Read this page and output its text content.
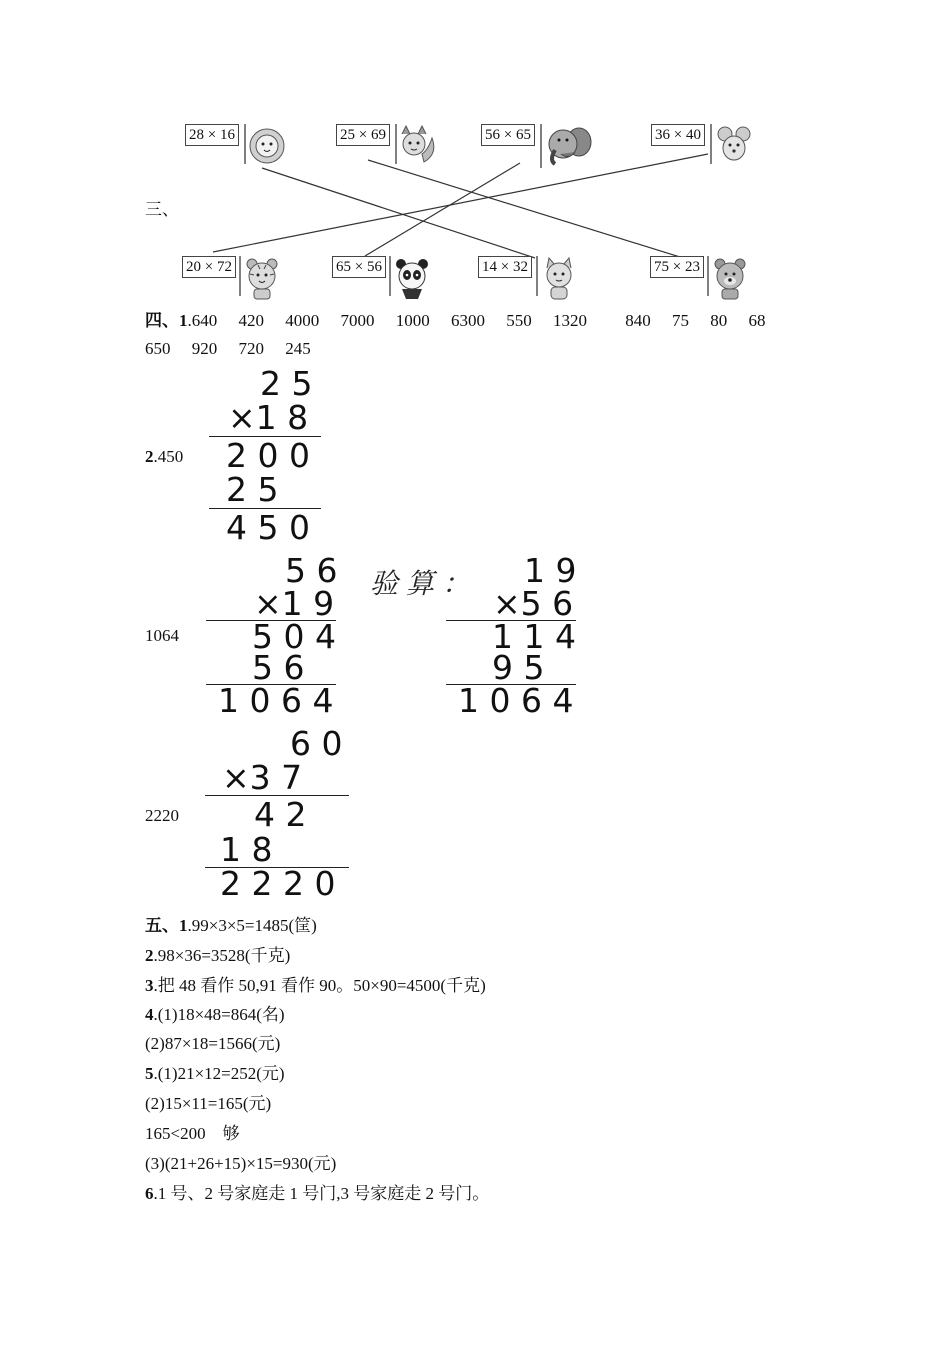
三、
28 × 16	25 × 69	56 × 65	36 × 40
20 × 72	65 × 56	14 × 32	75 × 23
四、1.640　 420　 4000　 7000　 1000　 6300　 550　 1320　　 840　 75　 80　 68
650　 920　 720　 245
2.450
2 5
×1 8
2 0 0
2 5
4 5 0
1064
5 6
×1 9
5 0 4
5 6
1 0 6 4
验算： 1 9
×5 6
1 1 4
9 5
1 0 6 4
2220
6 0
×3 7
4 2
1 8
2 2 2 0
五、1.99×3×5=1485(筐)
2.98×36=3528(千克)
3.把 48 看作 50,91 看作 90。50×90=4500(千克)
4.(1)18×48=864(名)
(2)87×18=1566(元)
5.(1)21×12=252(元)
(2)15×11=165(元)
165<200　够
(3)(21+26+15)×15=930(元)
6.1 号、2 号家庭走 1 号门,3 号家庭走 2 号门。
